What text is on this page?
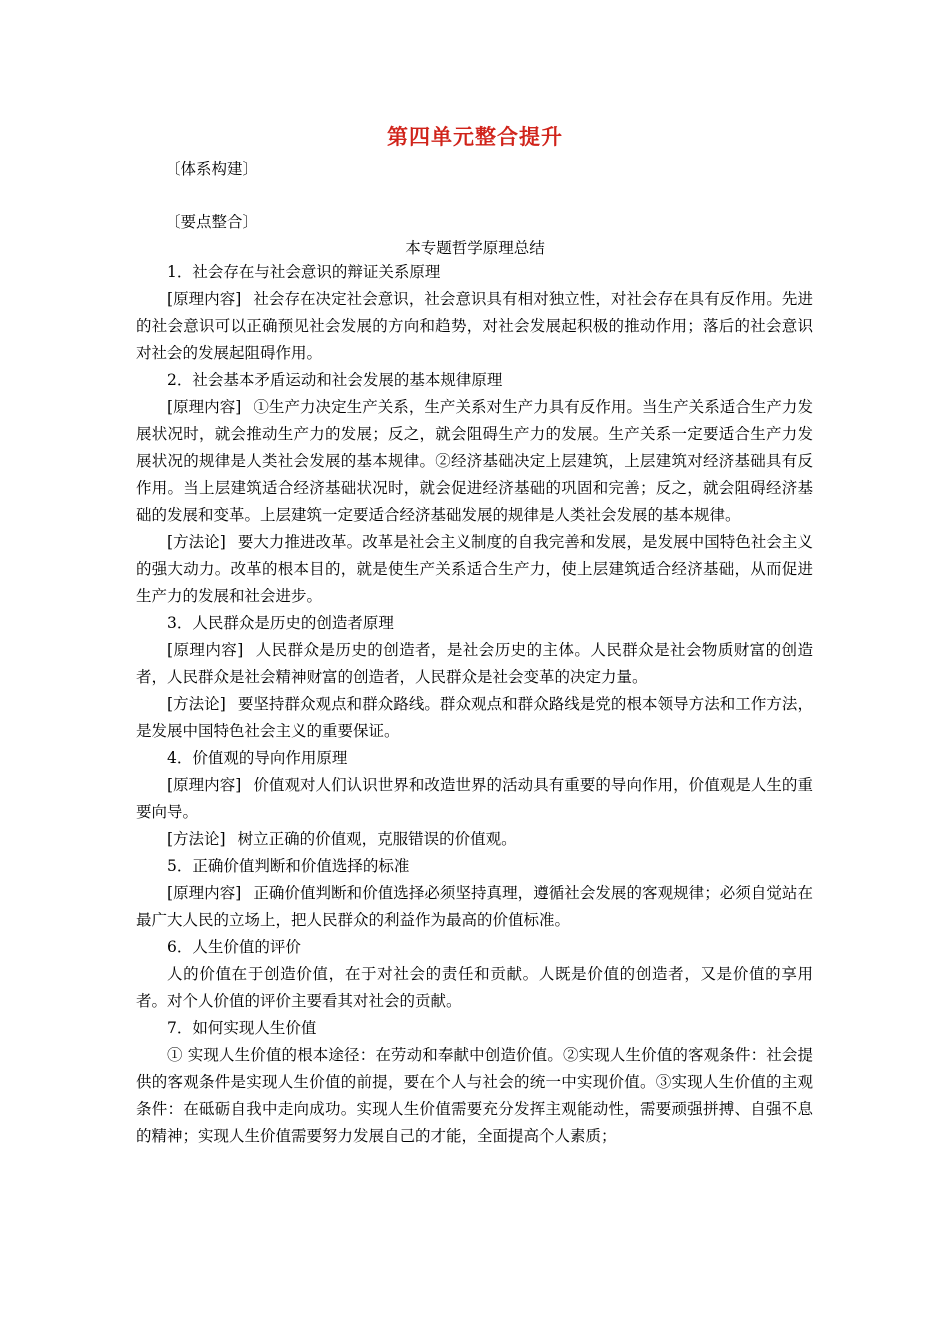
第四单元整合提升
〔体系构建〕
〔要点整合〕
本专题哲学原理总结

1．社会存在与社会意识的辩证关系原理

[原理内容] 社会存在决定社会意识，社会意识具有相对独立性，对社会存在具有反作用。先进的社会意识可以正确预见社会发展的方向和趋势，对社会发展起积极的推动作用；落后的社会意识对社会的发展起阻碍作用。

2．社会基本矛盾运动和社会发展的基本规律原理

[原理内容] ①生产力决定生产关系，生产关系对生产力具有反作用。当生产关系适合生产力发展状况时，就会推动生产力的发展；反之，就会阻碍生产力的发展。生产关系一定要适合生产力发展状况的规律是人类社会发展的基本规律。②经济基础决定上层建筑，上层建筑对经济基础具有反作用。当上层建筑适合经济基础状况时，就会促进经济基础的巩固和完善；反之，就会阻碍经济基础的发展和变革。上层建筑一定要适合经济基础发展的规律是人类社会发展的基本规律。

[方法论] 要大力推进改革。改革是社会主义制度的自我完善和发展，是发展中国特色社会主义的强大动力。改革的根本目的，就是使生产关系适合生产力，使上层建筑适合经济基础，从而促进生产力的发展和社会进步。

3．人民群众是历史的创造者原理

[原理内容] 人民群众是历史的创造者，是社会历史的主体。人民群众是社会物质财富的创造者，人民群众是社会精神财富的创造者，人民群众是社会变革的决定力量。

[方法论] 要坚持群众观点和群众路线。群众观点和群众路线是党的根本领导方法和工作方法，是发展中国特色社会主义的重要保证。

4．价值观的导向作用原理

[原理内容] 价值观对人们认识世界和改造世界的活动具有重要的导向作用，价值观是人生的重要向导。

[方法论] 树立正确的价值观，克服错误的价值观。

5．正确价值判断和价值选择的标准

[原理内容] 正确价值判断和价值选择必须坚持真理，遵循社会发展的客观规律；必须自觉站在最广大人民的立场上，把人民群众的利益作为最高的价值标准。

6．人生价值的评价

人的价值在于创造价值，在于对社会的责任和贡献。人既是价值的创造者，又是价值的享用者。对个人价值的评价主要看其对社会的贡献。

7．如何实现人生价值

① 实现人生价值的根本途径：在劳动和奉献中创造价值。②实现人生价值的客观条件：社会提供的客观条件是实现人生价值的前提，要在个人与社会的统一中实现价值。③实现人生价值的主观条件：在砥砺自我中走向成功。实现人生价值需要充分发挥主观能动性，需要顽强拼搏、自强不息的精神；实现人生价值需要努力发展自己的才能，全面提高个人素质；
